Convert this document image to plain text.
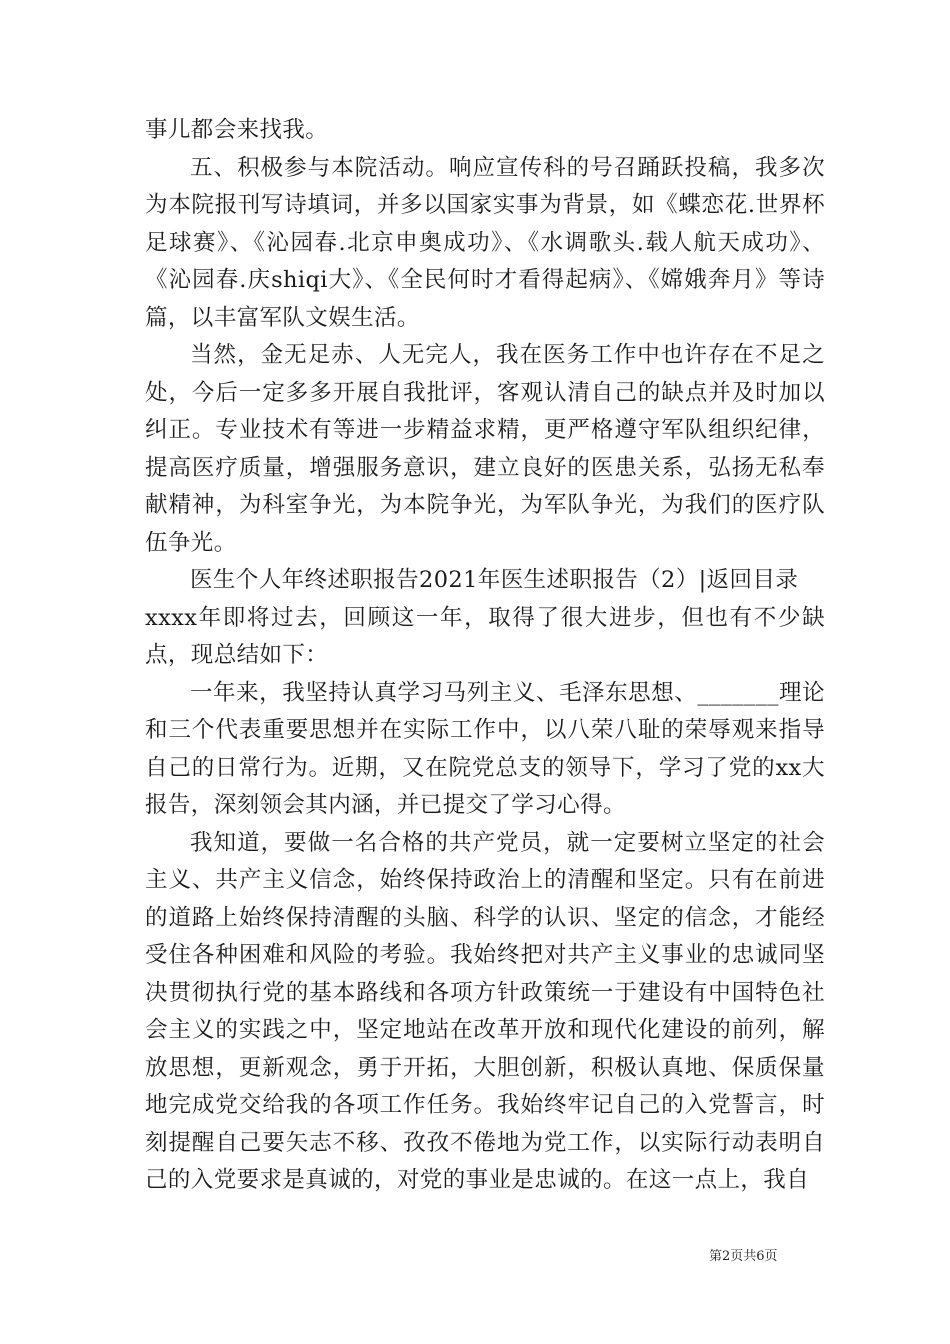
事儿都会来找我。

五、积极参与本院活动。响应宣传科的号召踊跃投稿，我多次为本院报刊写诗填词，并多以国家实事为背景，如《蝶恋花.世界杯足球赛》、《沁园春.北京申奥成功》、《水调歌头.载人航天成功》、《沁园春.庆shiqi大》、《全民何时才看得起病》、《嫦娥奔月》等诗篇，以丰富军队文娱生活。

当然，金无足赤、人无完人，我在医务工作中也许存在不足之处，今后一定多多开展自我批评，客观认清自己的缺点并及时加以纠正。专业技术有等进一步精益求精，更严格遵守军队组织纪律，提高医疗质量，增强服务意识，建立良好的医患关系，弘扬无私奉献精神，为科室争光，为本院争光，为军队争光，为我们的医疗队伍争光。

医生个人年终述职报告2021年医生述职报告（2）|返回目录

xxxx年即将过去，回顾这一年，取得了很大进步，但也有不少缺点，现总结如下：

一年来，我坚持认真学习马列主义、毛泽东思想、_______理论和三个代表重要思想并在实际工作中，以八荣八耻的荣辱观来指导自己的日常行为。近期，又在院党总支的领导下，学习了党的xx大报告，深刻领会其内涵，并已提交了学习心得。

我知道，要做一名合格的共产党员，就一定要树立坚定的社会主义、共产主义信念，始终保持政治上的清醒和坚定。只有在前进的道路上始终保持清醒的头脑、科学的认识、坚定的信念，才能经受住各种困难和风险的考验。我始终把对共产主义事业的忠诚同坚决贯彻执行党的基本路线和各项方针政策统一于建设有中国特色社会主义的实践之中，坚定地站在改革开放和现代化建设的前列，解放思想，更新观念，勇于开拓，大胆创新，积极认真地、保质保量地完成党交给我的各项工作任务。我始终牢记自己的入党誓言，时刻提醒自己要矢志不移、孜孜不倦地为党工作，以实际行动表明自己的入党要求是真诚的，对党的事业是忠诚的。在这一点上，我自

第2页共6页
